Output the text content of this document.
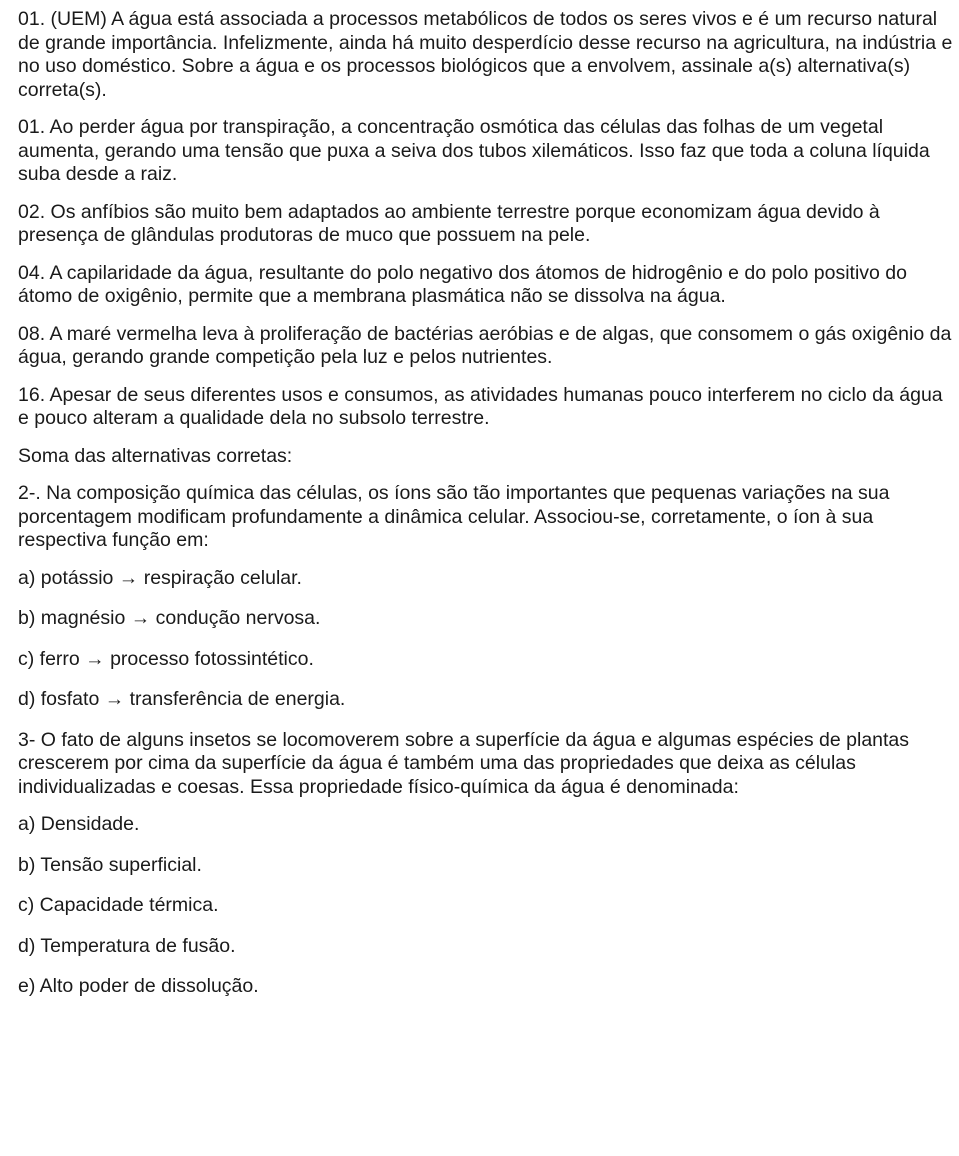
01. (UEM) A água está associada a processos metabólicos de todos os seres vivos e é um recurso natural de grande importância. Infelizmente, ainda há muito desperdício desse recurso na agricultura, na indústria e no uso doméstico. Sobre a água e os processos biológicos que a envolvem, assinale a(s) alternativa(s) correta(s).

01. Ao perder água por transpiração, a concentração osmótica das células das folhas de um vegetal aumenta, gerando uma tensão que puxa a seiva dos tubos xilemáticos. Isso faz que toda a coluna líquida suba desde a raiz.

02. Os anfíbios são muito bem adaptados ao ambiente terrestre porque economizam água devido à presença de glândulas produtoras de muco que possuem na pele.

04. A capilaridade da água, resultante do polo negativo dos átomos de hidrogênio e do polo positivo do átomo de oxigênio, permite que a membrana plasmática não se dissolva na água.

08. A maré vermelha leva à proliferação de bactérias aeróbias e de algas, que consomem o gás oxigênio da água, gerando grande competição pela luz e pelos nutrientes.

16. Apesar de seus diferentes usos e consumos, as atividades humanas pouco interferem no ciclo da água e pouco alteram a qualidade dela no subsolo terrestre.

Soma das alternativas corretas:

2-. Na composição química das células, os íons são tão importantes que pequenas variações na sua porcentagem modificam profundamente a dinâmica celular. Associou-se, corretamente, o íon à sua respectiva função em:

a) potássio → respiração celular.

b) magnésio → condução nervosa.

c) ferro → processo fotossintético.

d) fosfato → transferência de energia.

3- O fato de alguns insetos se locomoverem sobre a superfície da água e algumas espécies de plantas crescerem por cima da superfície da água é também uma das propriedades que deixa as células individualizadas e coesas. Essa propriedade físico-química da água é denominada:

a) Densidade.

b) Tensão superficial.

c) Capacidade térmica.

d) Temperatura de fusão.

e) Alto poder de dissolução.
